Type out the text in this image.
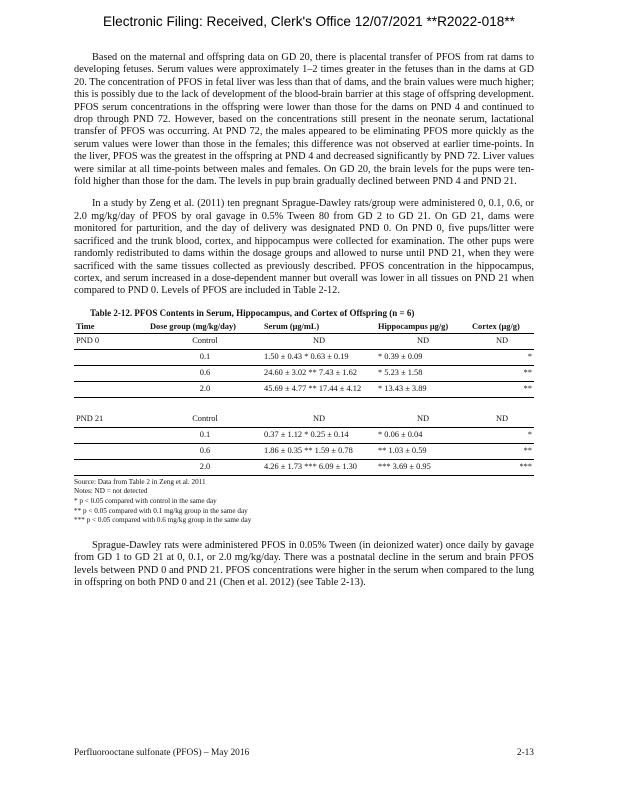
Electronic Filing: Received, Clerk's Office 12/07/2021 **R2022-018**

Based on the maternal and offspring data on GD 20, there is placental transfer of PFOS from rat dams to developing fetuses. Serum values were approximately 1–2 times greater in the fetuses than in the dams at GD 20. The concentration of PFOS in fetal liver was less than that of dams, and the brain values were much higher; this is possibly due to the lack of development of the blood-brain barrier at this stage of offspring development. PFOS serum concentrations in the offspring were lower than those for the dams on PND 4 and continued to drop through PND 72. However, based on the concentrations still present in the neonate serum, lactational transfer of PFOS was occurring. At PND 72, the males appeared to be eliminating PFOS more quickly as the serum values were lower than those in the females; this difference was not observed at earlier time-points. In the liver, PFOS was the greatest in the offspring at PND 4 and decreased significantly by PND 72. Liver values were similar at all time-points between males and females. On GD 20, the brain levels for the pups were ten-fold higher than those for the dam. The levels in pup brain gradually declined between PND 4 and PND 21.

In a study by Zeng et al. (2011) ten pregnant Sprague-Dawley rats/group were administered 0, 0.1, 0.6, or 2.0 mg/kg/day of PFOS by oral gavage in 0.5% Tween 80 from GD 2 to GD 21. On GD 21, dams were monitored for parturition, and the day of delivery was designated PND 0. On PND 0, five pups/litter were sacrificed and the trunk blood, cortex, and hippocampus were collected for examination. The other pups were randomly redistributed to dams within the dosage groups and allowed to nurse until PND 21, when they were sacrificed with the same tissues collected as previously described. PFOS concentration in the hippocampus, cortex, and serum increased in a dose-dependent manner but overall was lower in all tissues on PND 21 when compared to PND 0. Levels of PFOS are included in Table 2-12.

Table 2-12. PFOS Contents in Serum, Hippocampus, and Cortex of Offspring (n = 6)
Time	Dose group (mg/kg/day)	Serum (μg/mL)	Hippocampus μg/g)	Cortex (μg/g)
PND 0	Control	ND	ND	ND
	0.1	1.50 ± 0.43 * 0.63 ± 0.19	* 0.39 ± 0.09	*
	0.6	24.60 ± 3.02 ** 7.43 ± 1.62	* 5.23 ± 1.58	**
	2.0	45.69 ± 4.77 ** 17.44 ± 4.12	* 13.43 ± 3.89	**

PND 21	Control	ND	ND	ND
	0.1	0.37 ± 1.12 * 0.25 ± 0.14	* 0.06 ± 0.04	*
	0.6	1.86 ± 0.35 ** 1.59 ± 0.78	** 1.03 ± 0.59	**
	2.0	4.26 ± 1.73 *** 6.09 ± 1.30	*** 3.69 ± 0.95	***
Source: Data from Table 2 in Zeng et al. 2011
Notes: ND = not detected
* p < 0.05 compared with control in the same day
** p < 0.05 compared with 0.1 mg/kg group in the same day
*** p < 0.05 compared with 0.6 mg/kg group in the same day

Sprague-Dawley rats were administered PFOS in 0.05% Tween (in deionized water) once daily by gavage from GD 1 to GD 21 at 0, 0.1, or 2.0 mg/kg/day. There was a postnatal decline in the serum and brain PFOS levels between PND 0 and PND 21. PFOS concentrations were higher in the serum when compared to the lung in offspring on both PND 0 and 21 (Chen et al. 2012) (see Table 2-13).

Perfluorooctane sulfonate (PFOS) – May 2016	2-13
